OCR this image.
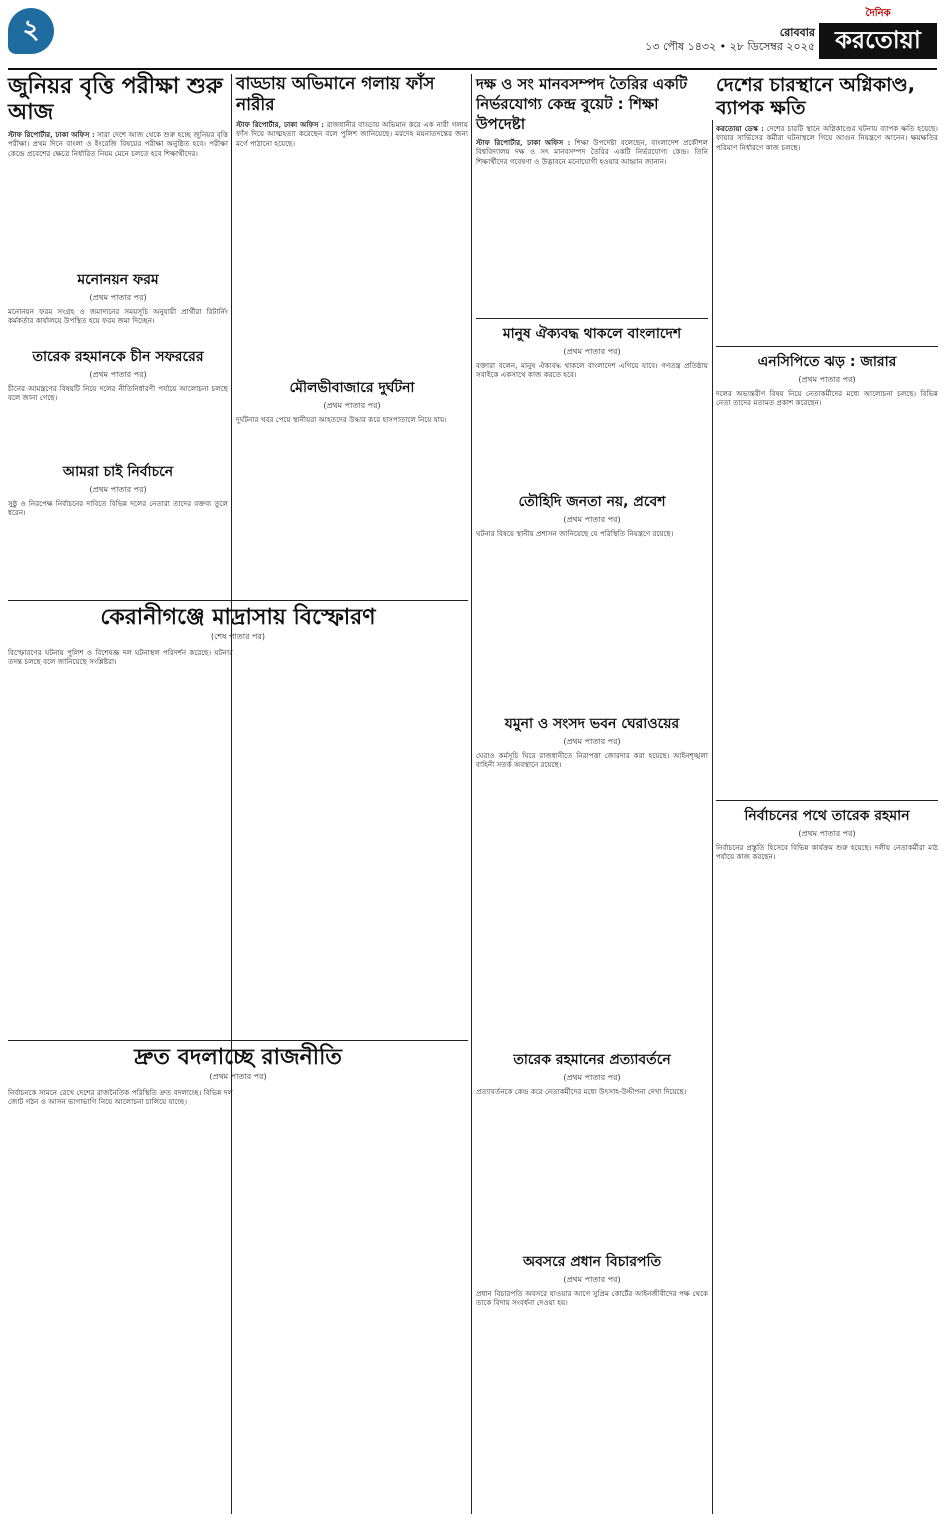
২	রোববার
১৩ পৌষ ১৪৩২ • ২৮ ডিসেম্বর ২০২৫
দৈনিক
করতোয়া
জুনিয়র বৃত্তি পরীক্ষা শুরু আজ
স্টাফ রিপোর্টার, ঢাকা অফিস : সারা দেশে আজ থেকে শুরু হচ্ছে জুনিয়র বৃত্তি পরীক্ষা। প্রথম দিনে বাংলা ও ইংরেজি বিষয়ের পরীক্ষা অনুষ্ঠিত হবে। পরীক্ষা কেন্দ্রে প্রবেশের ক্ষেত্রে নির্ধারিত নিয়ম মেনে চলতে হবে শিক্ষার্থীদের।
মনোনয়ন ফরম
(প্রথম পাতার পর)
মনোনয়ন ফরম সংগ্রহ ও জমাদানের সময়সূচি অনুযায়ী প্রার্থীরা রিটার্নিং কর্মকর্তার কার্যালয়ে উপস্থিত হয়ে ফরম জমা দিচ্ছেন।
তারেক রহমানকে চীন সফররের
(প্রথম পাতার পর)
চীনের আমন্ত্রণের বিষয়টি নিয়ে দলের নীতিনির্ধারণী পর্যায়ে আলোচনা চলছে বলে জানা গেছে।
আমরা চাই নির্বাচনে
(প্রথম পাতার পর)
সুষ্ঠু ও নিরপেক্ষ নির্বাচনের দাবিতে বিভিন্ন দলের নেতারা তাদের বক্তব্য তুলে ধরেন।
বাড্ডায় অভিমানে গলায় ফাঁস নারীর
স্টাফ রিপোর্টার, ঢাকা অফিস : রাজধানীর বাড্ডায় অভিমান করে এক নারী গলায় ফাঁস দিয়ে আত্মহত্যা করেছেন বলে পুলিশ জানিয়েছে। মরদেহ ময়নাতদন্তের জন্য মর্গে পাঠানো হয়েছে।
মৌলভীবাজারে দুর্ঘটনা
(প্রথম পাতার পর)
দুর্ঘটনার খবর পেয়ে স্থানীয়রা আহতদের উদ্ধার করে হাসপাতালে নিয়ে যায়।
কেরানীগঞ্জে মাদ্রাসায় বিস্ফোরণ
(শেষ পাতার পর)
বিস্ফোরণের ঘটনায় পুলিশ ও বিশেষজ্ঞ দল ঘটনাস্থল পরিদর্শন করেছে। ঘটনার তদন্ত চলছে বলে জানিয়েছে সংশ্লিষ্টরা।
দ্রুত বদলাচ্ছে রাজনীতি
(প্রথম পাতার পর)
নির্বাচনকে সামনে রেখে দেশের রাজনৈতিক পরিস্থিতি দ্রুত বদলাচ্ছে। বিভিন্ন দল জোট গঠন ও আসন ভাগাভাগি নিয়ে আলোচনা চালিয়ে যাচ্ছে।
দক্ষ ও সং মানবসম্পদ তৈরির একটি নির্ভরযোগ্য কেন্দ্র বুয়েট : শিক্ষা উপদেষ্টা
স্টাফ রিপোর্টার, ঢাকা অফিস : শিক্ষা উপদেষ্টা বলেছেন, বাংলাদেশ প্রকৌশল বিশ্ববিদ্যালয় দক্ষ ও সৎ মানবসম্পদ তৈরির একটি নির্ভরযোগ্য কেন্দ্র। তিনি শিক্ষার্থীদের গবেষণা ও উদ্ভাবনে মনোযোগী হওয়ার আহ্বান জানান।
মানুষ ঐক্যবদ্ধ থাকলে বাংলাদেশ
(প্রথম পাতার পর)
বক্তারা বলেন, মানুষ ঐক্যবদ্ধ থাকলে বাংলাদেশ এগিয়ে যাবে। গণতন্ত্র প্রতিষ্ঠায় সবাইকে একসাথে কাজ করতে হবে।
তৌহিদি জনতা নয়, প্রবেশ
(প্রথম পাতার পর)
ঘটনার বিষয়ে স্থানীয় প্রশাসন জানিয়েছে যে পরিস্থিতি নিয়ন্ত্রণে রয়েছে।
যমুনা ও সংসদ ভবন ঘেরাওয়ের
(প্রথম পাতার পর)
ঘেরাও কর্মসূচি ঘিরে রাজধানীতে নিরাপত্তা জোরদার করা হয়েছে। আইনশৃঙ্খলা বাহিনী সতর্ক অবস্থানে রয়েছে।
তারেক রহমানের প্রত্যাবর্তনে
(প্রথম পাতার পর)
প্রত্যাবর্তনকে কেন্দ্র করে নেতাকর্মীদের মধ্যে উৎসাহ-উদ্দীপনা দেখা দিয়েছে।
অবসরে প্রধান বিচারপতি
(প্রথম পাতার পর)
প্রধান বিচারপতি অবসরে যাওয়ার আগে সুপ্রিম কোর্টের আইনজীবীদের পক্ষ থেকে তাকে বিদায় সংবর্ধনা দেওয়া হয়।
দেশের চারস্থানে অগ্নিকাণ্ড, ব্যাপক ক্ষতি
করতোয়া ডেস্ক : দেশের চারটি স্থানে অগ্নিকাণ্ডের ঘটনায় ব্যাপক ক্ষতি হয়েছে। ফায়ার সার্ভিসের কর্মীরা ঘটনাস্থলে গিয়ে আগুন নিয়ন্ত্রণে আনেন। ক্ষয়ক্ষতির পরিমাণ নির্ধারণে কাজ চলছে।
এনসিপিতে ঝড় : জারার
(প্রথম পাতার পর)
দলের অভ্যন্তরীণ বিষয় নিয়ে নেতাকর্মীদের মধ্যে আলোচনা চলছে। বিভিন্ন নেতা তাদের মতামত প্রকাশ করেছেন।
নির্বাচনের পথে তারেক রহমান
(প্রথম পাতার পর)
নির্বাচনের প্রস্তুতি হিসেবে বিভিন্ন কার্যক্রম শুরু হয়েছে। দলীয় নেতাকর্মীরা মাঠ পর্যায়ে কাজ করছেন।
